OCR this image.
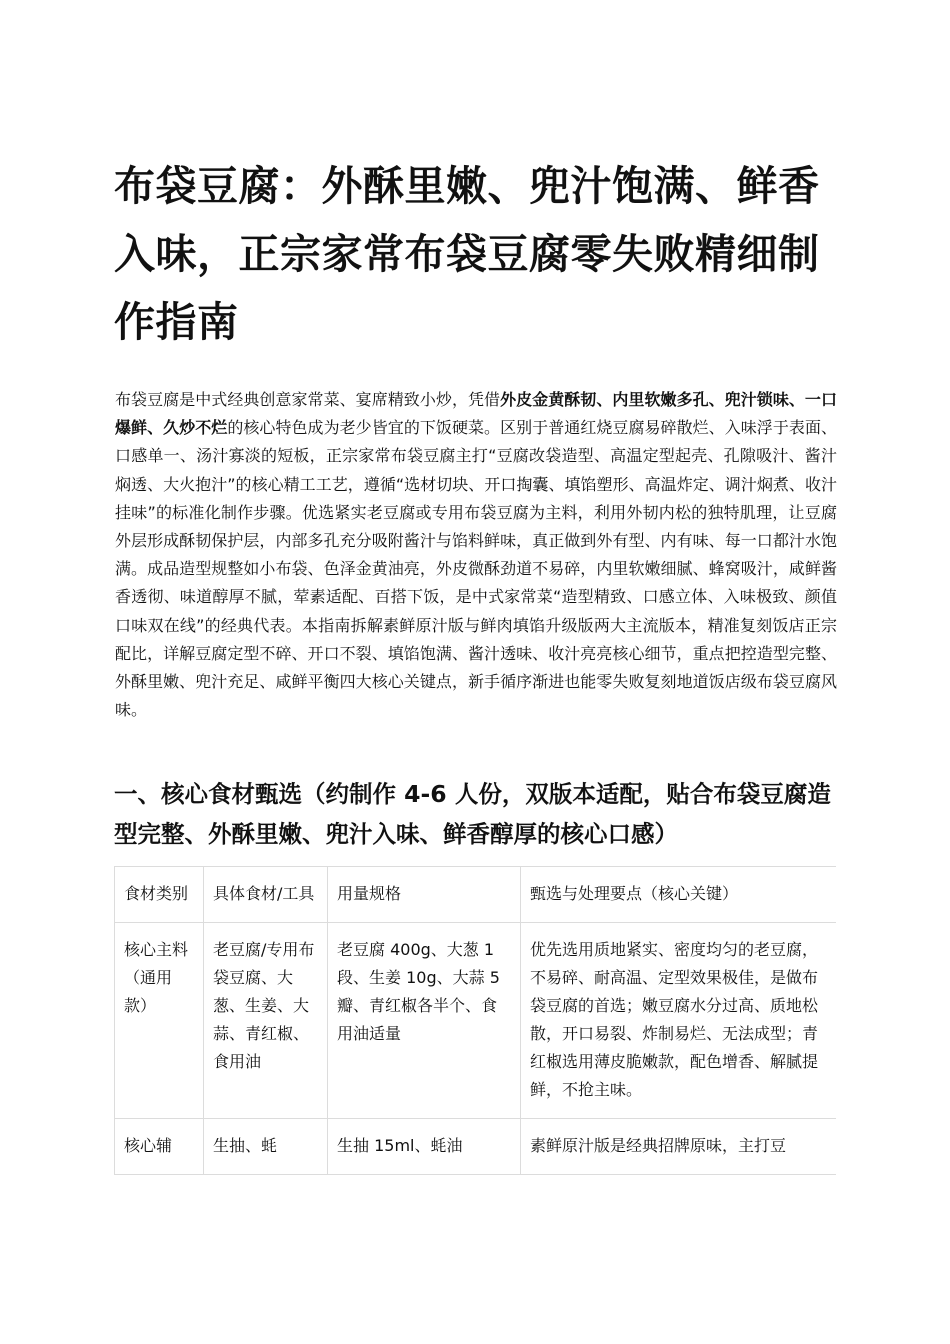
布袋豆腐：外酥里嫩、兜汁饱满、鲜香入味，正宗家常布袋豆腐零失败精细制作指南

布袋豆腐是中式经典创意家常菜、宴席精致小炒，凭借外皮金黄酥韧、内里软嫩多孔、兜汁锁味、一口爆鲜、久炒不烂的核心特色成为老少皆宜的下饭硬菜。区别于普通红烧豆腐易碎散烂、入味浮于表面、口感单一、汤汁寡淡的短板，正宗家常布袋豆腐主打“豆腐改袋造型、高温定型起壳、孔隙吸汁、酱汁焖透、大火抱汁”的核心精工工艺，遵循“选材切块、开口掏囊、填馅塑形、高温炸定、调汁焖煮、收汁挂味”的标准化制作步骤。优选紧实老豆腐或专用布袋豆腐为主料，利用外韧内松的独特肌理，让豆腐外层形成酥韧保护层，内部多孔充分吸附酱汁与馅料鲜味，真正做到外有型、内有味、每一口都汁水饱满。成品造型规整如小布袋、色泽金黄油亮，外皮微酥劲道不易碎，内里软嫩细腻、蜂窝吸汁，咸鲜酱香透彻、味道醇厚不腻，荤素适配、百搭下饭，是中式家常菜“造型精致、口感立体、入味极致、颜值口味双在线”的经典代表。本指南拆解素鲜原汁版与鲜肉填馅升级版两大主流版本，精准复刻饭店正宗配比，详解豆腐定型不碎、开口不裂、填馅饱满、酱汁透味、收汁亮亮核心细节，重点把控造型完整、外酥里嫩、兜汁充足、咸鲜平衡四大核心关键点，新手循序渐进也能零失败复刻地道饭店级布袋豆腐风味。

一、核心食材甄选（约制作 4-6 人份，双版本适配，贴合布袋豆腐造型完整、外酥里嫩、兜汁入味、鲜香醇厚的核心口感）
食材类别	具体食材/工具	用量规格	甄选与处理要点（核心关键）
核心主料（通用款）	老豆腐/专用布袋豆腐、大葱、生姜、大蒜、青红椒、食用油	老豆腐 400g、大葱 1 段、生姜 10g、大蒜 5 瓣、青红椒各半个、食用油适量	优先选用质地紧实、密度均匀的老豆腐，不易碎、耐高温、定型效果极佳，是做布袋豆腐的首选；嫩豆腐水分过高、质地松散，开口易裂、炸制易烂、无法成型；青红椒选用薄皮脆嫩款，配色增香、解腻提鲜，不抢主味。
核心辅	生抽、蚝	生抽 15ml、蚝油	素鲜原汁版是经典招牌原味，主打豆
